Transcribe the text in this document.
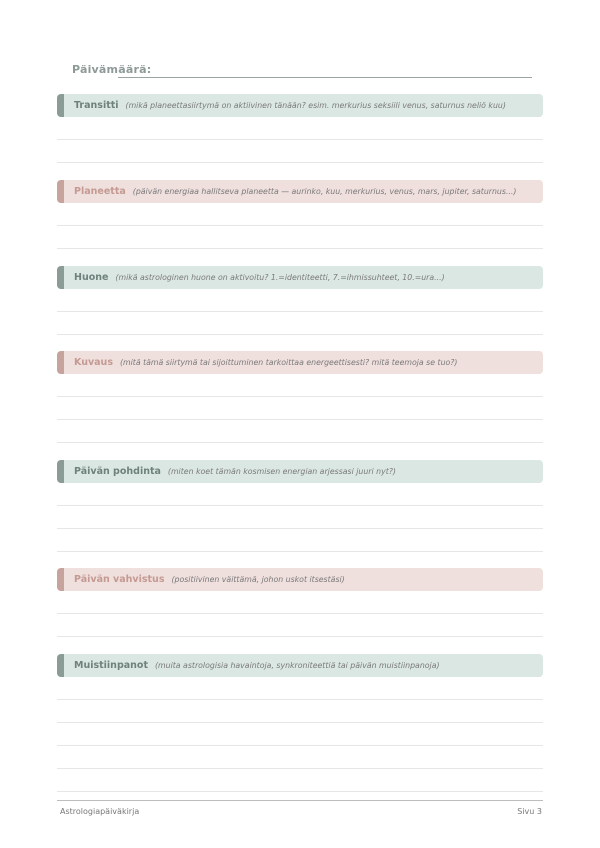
Päivämäärä:
Transitti (mikä planeettasiirtymä on aktiivinen tänään? esim. merkurius seksiili venus, saturnus neliö kuu)
Planeetta (päivän energiaa hallitseva planeetta — aurinko, kuu, merkurius, venus, mars, jupiter, saturnus...)
Huone (mikä astrologinen huone on aktivoitu? 1.=identiteetti, 7.=ihmissuhteet, 10.=ura...)
Kuvaus (mitä tämä siirtymä tai sijoittuminen tarkoittaa energeettisesti? mitä teemoja se tuo?)
Päivän pohdinta (miten koet tämän kosmisen energian arjessasi juuri nyt?)
Päivän vahvistus (positiivinen väittämä, johon uskot itsestäsi)
Muistiinpanot (muita astrologisia havaintoja, synkroniteettiä tai päivän muistiinpanoja)
Astrologiapäiväkirja	Sivu 3
